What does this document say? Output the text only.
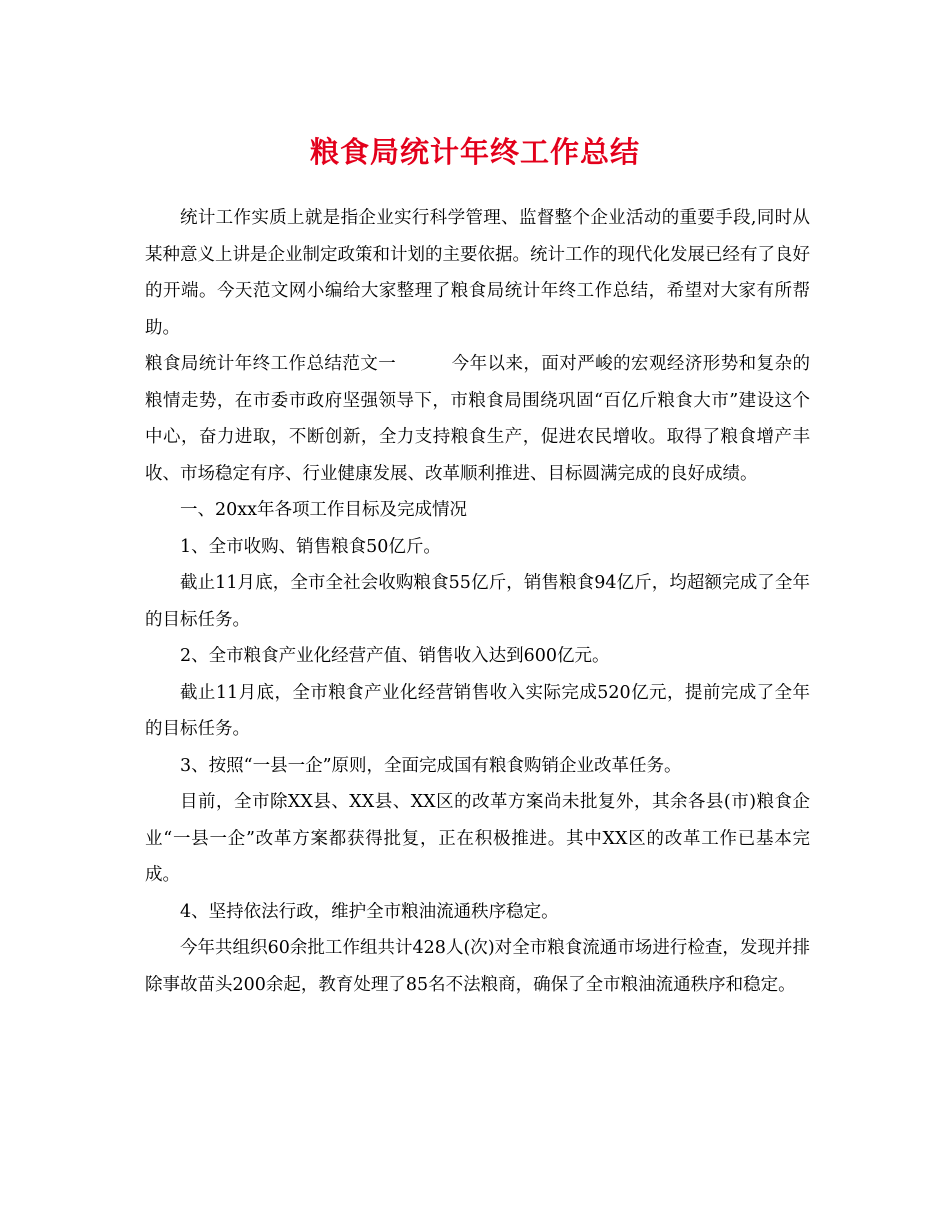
粮食局统计年终工作总结

统计工作实质上就是指企业实行科学管理、监督整个企业活动的重要手段,同时从某种意义上讲是企业制定政策和计划的主要依据。统计工作的现代化发展已经有了良好的开端。今天范文网小编给大家整理了粮食局统计年终工作总结，希望对大家有所帮助。

粮食局统计年终工作总结范文一	今年以来，面对严峻的宏观经济形势和复杂的粮情走势，在市委市政府坚强领导下，市粮食局围绕巩固“百亿斤粮食大市”建设这个中心，奋力进取，不断创新，全力支持粮食生产，促进农民增收。取得了粮食增产丰收、市场稳定有序、行业健康发展、改革顺利推进、目标圆满完成的良好成绩。

一、20xx年各项工作目标及完成情况

1、全市收购、销售粮食50亿斤。

截止11月底，全市全社会收购粮食55亿斤，销售粮食94亿斤，均超额完成了全年的目标任务。

2、全市粮食产业化经营产值、销售收入达到600亿元。

截止11月底，全市粮食产业化经营销售收入实际完成520亿元，提前完成了全年的目标任务。

3、按照“一县一企”原则，全面完成国有粮食购销企业改革任务。

目前，全市除XX县、XX县、XX区的改革方案尚未批复外，其余各县(市)粮食企业“一县一企”改革方案都获得批复，正在积极推进。其中XX区的改革工作已基本完成。

4、坚持依法行政，维护全市粮油流通秩序稳定。

今年共组织60余批工作组共计428人(次)对全市粮食流通市场进行检查，发现并排除事故苗头200余起，教育处理了85名不法粮商，确保了全市粮油流通秩序和稳定。
